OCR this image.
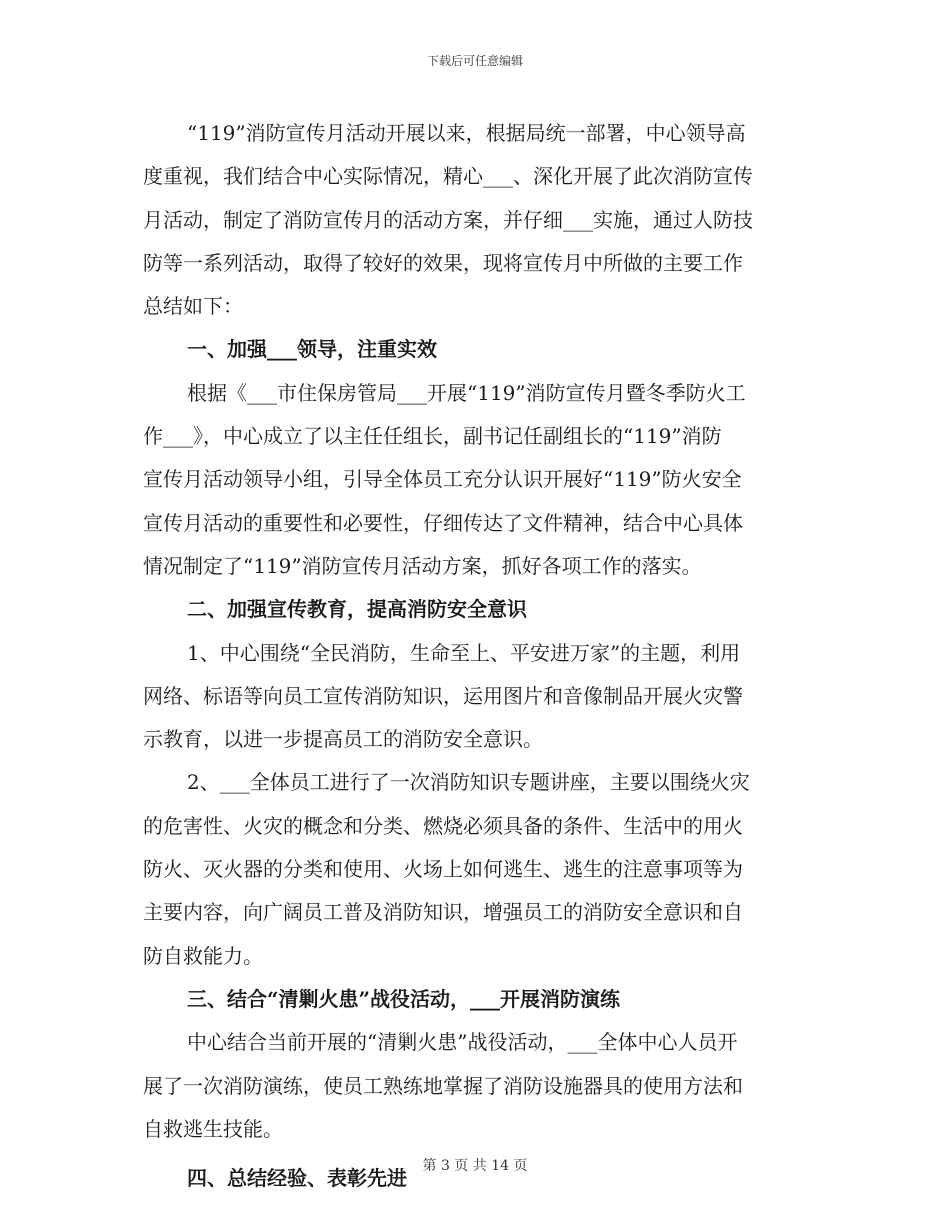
下载后可任意编辑
“119”消防宣传月活动开展以来，根据局统一部署，中心领导高
度重视，我们结合中心实际情况，精心___、深化开展了此次消防宣传
月活动，制定了消防宣传月的活动方案，并仔细___实施，通过人防技
防等一系列活动，取得了较好的效果，现将宣传月中所做的主要工作
总结如下：
一、加强___领导，注重实效
根据《___市住保房管局___开展“119”消防宣传月暨冬季防火工
作___》，中心成立了以主任任组长，副书记任副组长的“119”消防
宣传月活动领导小组，引导全体员工充分认识开展好“119”防火安全
宣传月活动的重要性和必要性，仔细传达了文件精神，结合中心具体
情况制定了“119”消防宣传月活动方案，抓好各项工作的落实。
二、加强宣传教育，提高消防安全意识
1、中心围绕“全民消防，生命至上、平安进万家”的主题，利用
网络、标语等向员工宣传消防知识，运用图片和音像制品开展火灾警
示教育，以进一步提高员工的消防安全意识。
2、___全体员工进行了一次消防知识专题讲座，主要以围绕火灾
的危害性、火灾的概念和分类、燃烧必须具备的条件、生活中的用火
防火、灭火器的分类和使用、火场上如何逃生、逃生的注意事项等为
主要内容，向广阔员工普及消防知识，增强员工的消防安全意识和自
防自救能力。
三、结合“清剿火患”战役活动，___开展消防演练
中心结合当前开展的“清剿火患”战役活动，___全体中心人员开
展了一次消防演练，使员工熟练地掌握了消防设施器具的使用方法和
自救逃生技能。
四、总结经验、表彰先进
第 3 页 共 14 页
